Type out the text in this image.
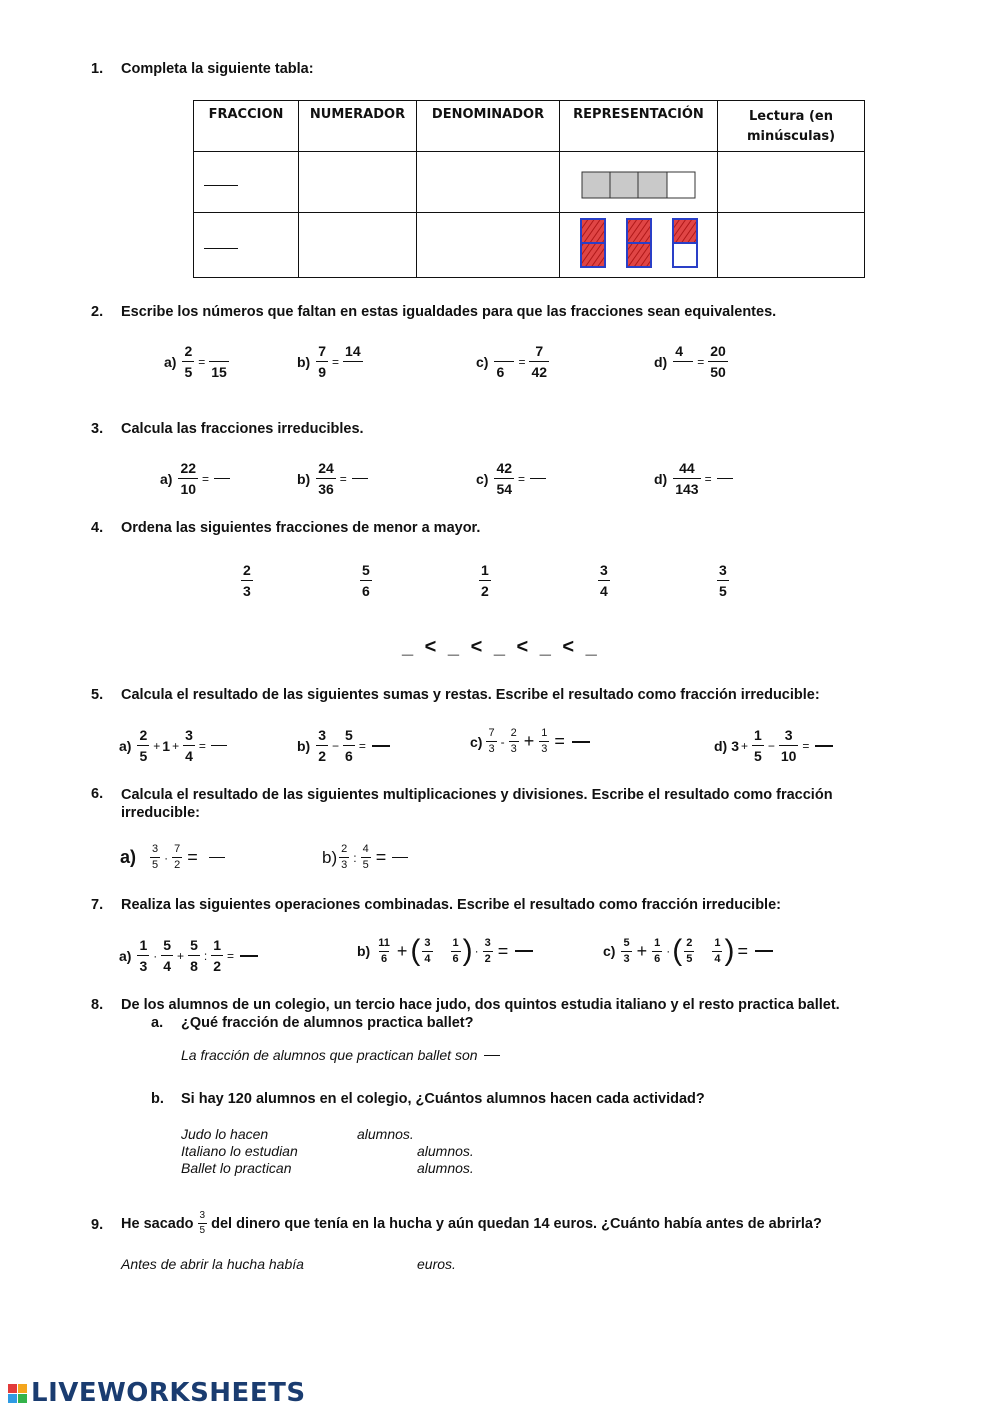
1. Completa la siguiente tabla:
FRACCION	NUMERADOR	DENOMINADOR	REPRESENTACIÓN	Lectura (en minúsculas)

2. Escribe los números que faltan en estas igualdades para que las fracciones sean equivalentes.
$a) \frac{2}{5}$ =
15
$b) \frac{7}{9}$ =
14
c)
6
= $\frac{7}{42}$	d)
4
= $\frac{20}{50}$
3. Calcula las fracciones irreducibles.
$a) \frac{22}{10}$ =	$b) \frac{24}{36}$ =	$c) \frac{42}{54}$ =	$d) \frac{44}{143}$ =
4. Ordena las siguientes fracciones de menor a mayor.
2
3
5
6
1
2
3
4
3
5
_ < _ < _ < _ < _
5. Calcula el resultado de las siguientes sumas y restas. Escribe el resultado como fracción irreducible:
a)
2
5
+ $1 + \frac{3}{4}$ =	b)
3
2
− $\frac{5}{6}$ =	c)
7
3
-
2
$3 + \frac{1}{3}$ =	d) $3 + \frac{1}{5} - \frac{3}{10}$ =
6. Calcula el resultado de las siguientes multiplicaciones y divisiones. Escribe el resultado como fracción irreducible:
a) 3
5
· $\frac{7}{2}$ =	b) 2
3
: $\frac{4}{5}$ =
7. Realiza las siguientes operaciones combinadas. Escribe el resultado como fracción irreducible:
a)
1
3
·
5
4
+ $\frac{5}{8}$ : $\frac{1}{2}$ =	b)
11
6 + ( 3
4
1
6 ) · $\frac{3}{2}$ =	c)
5
$3 + \frac{1}{6}$ · ( 2
5
1
4 ) =
8. De los alumnos de un colegio, un tercio hace judo, dos quintos estudia italiano y el resto practica ballet.
a. ¿Qué fracción de alumnos practica ballet?
La fracción de alumnos que practican ballet son
b. Si hay 120 alumnos en el colegio, ¿Cuántos alumnos hacen cada actividad?
Judo lo hacen	alumnos.
Italiano lo estudian	alumnos.
Ballet lo practican	alumnos.
9. He sacado 3
5 del dinero que tenía en la hucha y aún quedan 14 euros. ¿Cuánto había antes de abrirla?
Antes de abrir la hucha había	euros.
LIVEWORKSHEETS
